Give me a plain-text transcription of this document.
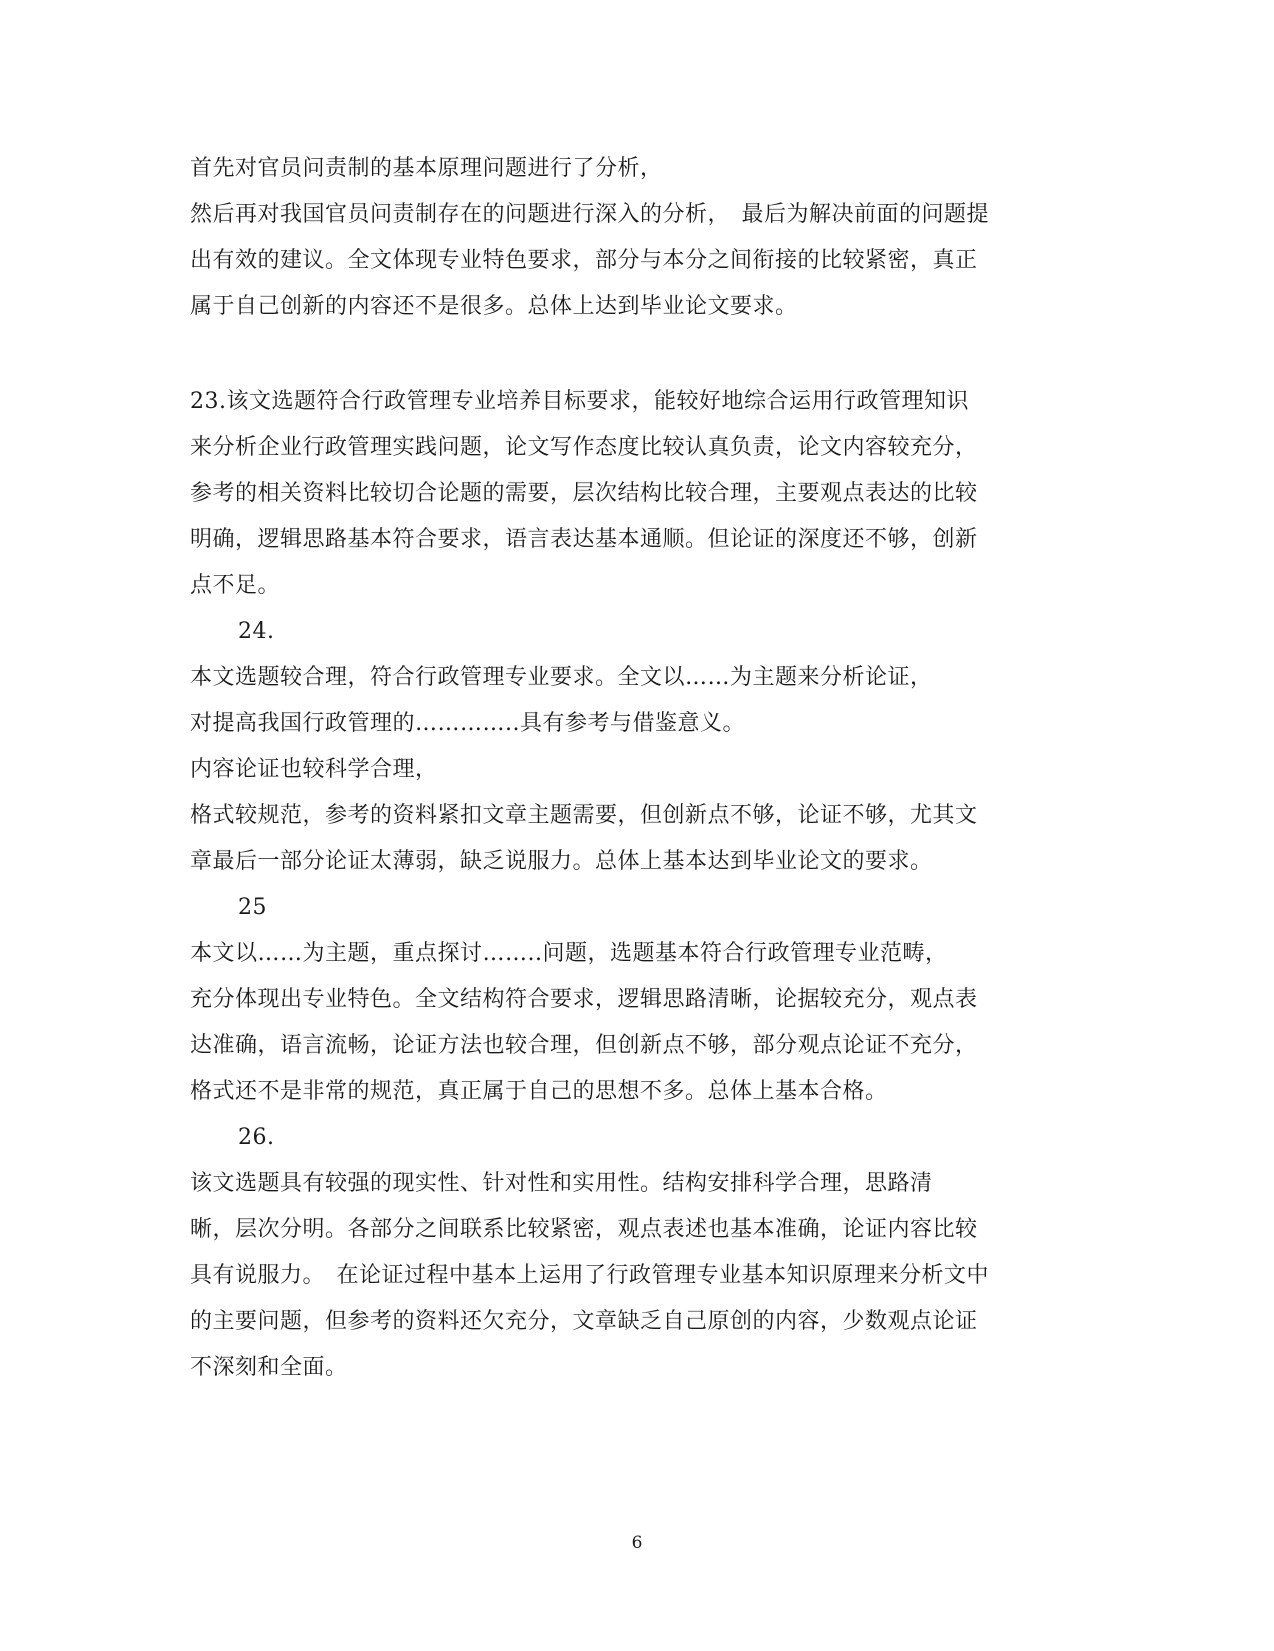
首先对官员问责制的基本原理问题进行了分析，
然后再对我国官员问责制存在的问题进行深入的分析，　最后为解决前面的问题提
出有效的建议。全文体现专业特色要求，部分与本分之间衔接的比较紧密，真正
属于自己创新的内容还不是很多。总体上达到毕业论文要求。
23.该文选题符合行政管理专业培养目标要求，能较好地综合运用行政管理知识
来分析企业行政管理实践问题，论文写作态度比较认真负责，论文内容较充分，
参考的相关资料比较切合论题的需要，层次结构比较合理，主要观点表达的比较
明确，逻辑思路基本符合要求，语言表达基本通顺。但论证的深度还不够，创新
点不足。
24.
本文选题较合理，符合行政管理专业要求。全文以……为主题来分析论证，
对提高我国行政管理的…………..具有参考与借鉴意义。
内容论证也较科学合理，
格式较规范，参考的资料紧扣文章主题需要，但创新点不够，论证不够，尤其文
章最后一部分论证太薄弱，缺乏说服力。总体上基本达到毕业论文的要求。
25
本文以……为主题，重点探讨……..问题，选题基本符合行政管理专业范畴，
充分体现出专业特色。全文结构符合要求，逻辑思路清晰，论据较充分，观点表
达准确，语言流畅，论证方法也较合理，但创新点不够，部分观点论证不充分，
格式还不是非常的规范，真正属于自己的思想不多。总体上基本合格。
26.
该文选题具有较强的现实性、针对性和实用性。结构安排科学合理，思路清
晰，层次分明。各部分之间联系比较紧密，观点表述也基本准确，论证内容比较
具有说服力。　在论证过程中基本上运用了行政管理专业基本知识原理来分析文中
的主要问题，但参考的资料还欠充分，文章缺乏自己原创的内容，少数观点论证
不深刻和全面。
6
